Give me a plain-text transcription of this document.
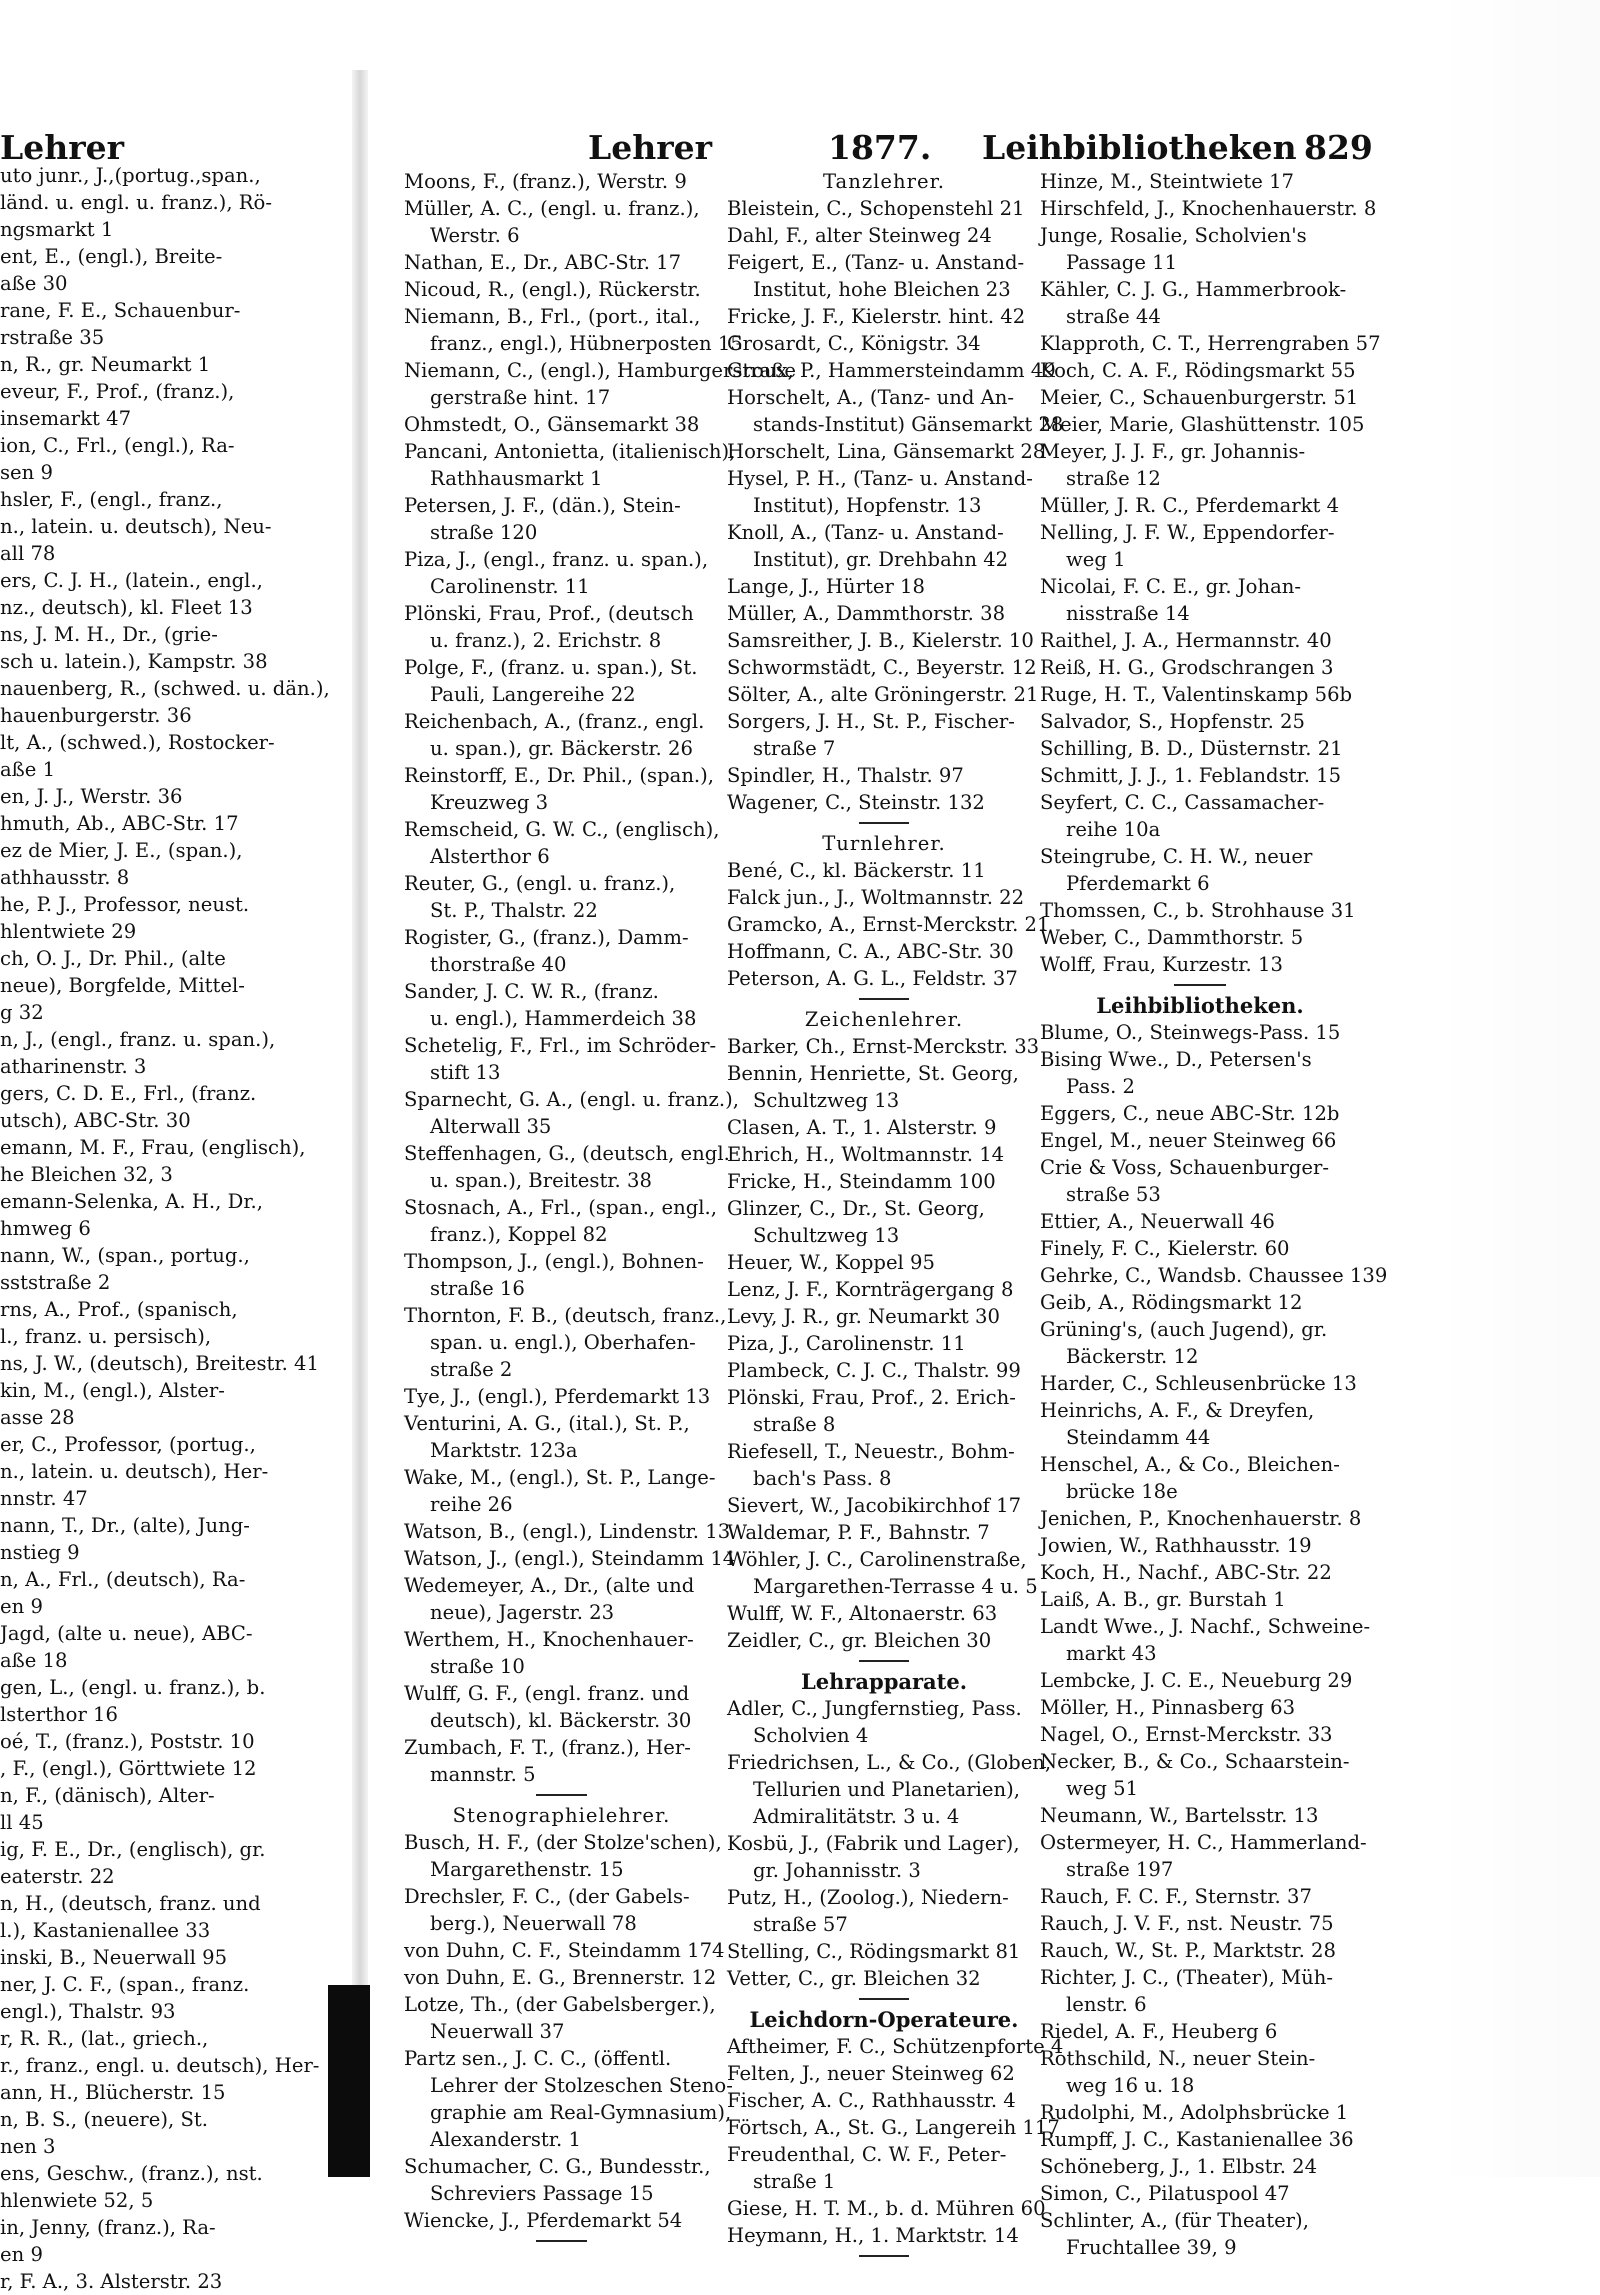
Lehrer	Lehrer	1877. Leihbibliotheken 829
uto junr., J.,(portug.,span.,
länd. u. engl. u. franz.), Rö-
ngsmarkt 1
ent, E., (engl.), Breite-
aße 30
rane, F. E., Schauenbur-
rstraße 35
n, R., gr. Neumarkt 1
eveur, F., Prof., (franz.),
insemarkt 47
ion, C., Frl., (engl.), Ra-
sen 9
hsler, F., (engl., franz.,
n., latein. u. deutsch), Neu-
all 78
ers, C. J. H., (latein., engl.,
nz., deutsch), kl. Fleet 13
ns, J. M. H., Dr., (grie-
sch u. latein.), Kampstr. 38
nauenberg, R., (schwed. u. dän.),
hauenburgerstr. 36
lt, A., (schwed.), Rostocker-
aße 1
en, J. J., Werstr. 36
hmuth, Ab., ABC-Str. 17
ez de Mier, J. E., (span.),
athhausstr. 8
he, P. J., Professor, neust.
hlentwiete 29
ch, O. J., Dr. Phil., (alte
neue), Borgfelde, Mittel-
g 32
n, J., (engl., franz. u. span.),
atharinenstr. 3
gers, C. D. E., Frl., (franz.
utsch), ABC-Str. 30
emann, M. F., Frau, (englisch),
he Bleichen 32, 3
emann-Selenka, A. H., Dr.,
hmweg 6
nann, W., (span., portug.,
sststraße 2
rns, A., Prof., (spanisch,
l., franz. u. persisch),
ns, J. W., (deutsch), Breitestr. 41
kin, M., (engl.), Alster-
asse 28
er, C., Professor, (portug.,
n., latein. u. deutsch), Her-
nnstr. 47
nann, T., Dr., (alte), Jung-
nstieg 9
n, A., Frl., (deutsch), Ra-
en 9
Jagd, (alte u. neue), ABC-
aße 18
gen, L., (engl. u. franz.), b.
lsterthor 16
oé, T., (franz.), Poststr. 10
, F., (engl.), Görttwiete 12
n, F., (dänisch), Alter-
ll 45
ig, F. E., Dr., (englisch), gr.
eaterstr. 22
n, H., (deutsch, franz. und
l.), Kastanienallee 33
inski, B., Neuerwall 95
ner, J. C. F., (span., franz.
engl.), Thalstr. 93
r, R. R., (lat., griech.,
r., franz., engl. u. deutsch), Her-
ann, H., Blücherstr. 15
n, B. S., (neuere), St.
nen 3
ens, Geschw., (franz.), nst.
hlenwiete 52, 5
in, Jenny, (franz.), Ra-
en 9
r, F. A., 3. Alsterstr. 23
Moons, F., (franz.), Werstr. 9
Müller, A. C., (engl. u. franz.),
Werstr. 6
Nathan, E., Dr., ABC-Str. 17
Nicoud, R., (engl.), Rückerstr.
Niemann, B., Frl., (port., ital.,
franz., engl.), Hübnerposten 15
Niemann, C., (engl.), Hamburgerstraße
gerstraße hint. 17
Ohmstedt, O., Gänsemarkt 38
Pancani, Antonietta, (italienisch),
Rathhausmarkt 1
Petersen, J. F., (dän.), Stein-
straße 120
Piza, J., (engl., franz. u. span.),
Carolinenstr. 11
Plönski, Frau, Prof., (deutsch
u. franz.), 2. Erichstr. 8
Polge, F., (franz. u. span.), St.
Pauli, Langereihe 22
Reichenbach, A., (franz., engl.
u. span.), gr. Bäckerstr. 26
Reinstorff, E., Dr. Phil., (span.),
Kreuzweg 3
Remscheid, G. W. C., (englisch),
Alsterthor 6
Reuter, G., (engl. u. franz.),
St. P., Thalstr. 22
Rogister, G., (franz.), Damm-
thorstraße 40
Sander, J. C. W. R., (franz.
u. engl.), Hammerdeich 38
Schetelig, F., Frl., im Schröder-
stift 13
Sparnecht, G. A., (engl. u. franz.),
Alterwall 35
Steffenhagen, G., (deutsch, engl.
u. span.), Breitestr. 38
Stosnach, A., Frl., (span., engl.,
franz.), Koppel 82
Thompson, J., (engl.), Bohnen-
straße 16
Thornton, F. B., (deutsch, franz.,
span. u. engl.), Oberhafen-
straße 2
Tye, J., (engl.), Pferdemarkt 13
Venturini, A. G., (ital.), St. P.,
Marktstr. 123a
Wake, M., (engl.), St. P., Lange-
reihe 26
Watson, B., (engl.), Lindenstr. 13
Watson, J., (engl.), Steindamm 14
Wedemeyer, A., Dr., (alte und
neue), Jagerstr. 23
Werthem, H., Knochenhauer-
straße 10
Wulff, G. F., (engl. franz. und
deutsch), kl. Bäckerstr. 30
Zumbach, F. T., (franz.), Her-
mannstr. 5
Stenographielehrer.
Busch, H. F., (der Stolze'schen),
Margarethenstr. 15
Drechsler, F. C., (der Gabels-
berg.), Neuerwall 78
von Duhn, C. F., Steindamm 174
von Duhn, E. G., Brennerstr. 12
Lotze, Th., (der Gabelsberger.),
Neuerwall 37
Partz sen., J. C. C., (öffentl.
Lehrer der Stolzeschen Steno-
graphie am Real-Gymnasium),
Alexanderstr. 1
Schumacher, C. G., Bundesstr.,
Schreviers Passage 15
Wiencke, J., Pferdemarkt 54
Tanzlehrer.
Bleistein, C., Schopenstehl 21
Dahl, F., alter Steinweg 24
Feigert, E., (Tanz- u. Anstand-
Institut, hohe Bleichen 23
Fricke, J. F., Kielerstr. hint. 42
Grosardt, C., Königstr. 34
Groux, P., Hammersteindamm 49
Horschelt, A., (Tanz- und An-
stands-Institut) Gänsemarkt 28
Horschelt, Lina, Gänsemarkt 28
Hysel, P. H., (Tanz- u. Anstand-
Institut), Hopfenstr. 13
Knoll, A., (Tanz- u. Anstand-
Institut), gr. Drehbahn 42
Lange, J., Hürter 18
Müller, A., Dammthorstr. 38
Samsreither, J. B., Kielerstr. 10
Schwormstädt, C., Beyerstr. 12
Sölter, A., alte Gröningerstr. 21
Sorgers, J. H., St. P., Fischer-
straße 7
Spindler, H., Thalstr. 97
Wagener, C., Steinstr. 132
Turnlehrer.
Bené, C., kl. Bäckerstr. 11
Falck jun., J., Woltmannstr. 22
Gramcko, A., Ernst-Merckstr. 21
Hoffmann, C. A., ABC-Str. 30
Peterson, A. G. L., Feldstr. 37
Zeichenlehrer.
Barker, Ch., Ernst-Merckstr. 33
Bennin, Henriette, St. Georg,
Schultzweg 13
Clasen, A. T., 1. Alsterstr. 9
Ehrich, H., Woltmannstr. 14
Fricke, H., Steindamm 100
Glinzer, C., Dr., St. Georg,
Schultzweg 13
Heuer, W., Koppel 95
Lenz, J. F., Kornträgergang 8
Levy, J. R., gr. Neumarkt 30
Piza, J., Carolinenstr. 11
Plambeck, C. J. C., Thalstr. 99
Plönski, Frau, Prof., 2. Erich-
straße 8
Riefesell, T., Neuestr., Bohm-
bach's Pass. 8
Sievert, W., Jacobikirchhof 17
Waldemar, P. F., Bahnstr. 7
Wöhler, J. C., Carolinenstraße,
Margarethen-Terrasse 4 u. 5
Wulff, W. F., Altonaerstr. 63
Zeidler, C., gr. Bleichen 30
Lehrapparate.
Adler, C., Jungfernstieg, Pass.
Scholvien 4
Friedrichsen, L., & Co., (Globen,
Tellurien und Planetarien),
Admiralitätstr. 3 u. 4
Kosbü, J., (Fabrik und Lager),
gr. Johannisstr. 3
Putz, H., (Zoolog.), Niedern-
straße 57
Stelling, C., Rödingsmarkt 81
Vetter, C., gr. Bleichen 32
Leichdorn-Operateure.
Aftheimer, F. C., Schützenpforte 4
Felten, J., neuer Steinweg 62
Fischer, A. C., Rathhausstr. 4
Förtsch, A., St. G., Langereih 117
Freudenthal, C. W. F., Peter-
straße 1
Giese, H. T. M., b. d. Mühren 60
Heymann, H., 1. Marktstr. 14
Hinze, M., Steintwiete 17
Hirschfeld, J., Knochenhauerstr. 8
Junge, Rosalie, Scholvien's
Passage 11
Kähler, C. J. G., Hammerbrook-
straße 44
Klapproth, C. T., Herrengraben 57
Koch, C. A. F., Rödingsmarkt 55
Meier, C., Schauenburgerstr. 51
Meier, Marie, Glashüttenstr. 105
Meyer, J. J. F., gr. Johannis-
straße 12
Müller, J. R. C., Pferdemarkt 4
Nelling, J. F. W., Eppendorfer-
weg 1
Nicolai, F. C. E., gr. Johan-
nisstraße 14
Raithel, J. A., Hermannstr. 40
Reiß, H. G., Grodschrangen 3
Ruge, H. T., Valentinskamp 56b
Salvador, S., Hopfenstr. 25
Schilling, B. D., Düsternstr. 21
Schmitt, J. J., 1. Feblandstr. 15
Seyfert, C. C., Cassamacher-
reihe 10a
Steingrube, C. H. W., neuer
Pferdemarkt 6
Thomssen, C., b. Strohhause 31
Weber, C., Dammthorstr. 5
Wolff, Frau, Kurzestr. 13
Leihbibliotheken.
Blume, O., Steinwegs-Pass. 15
Bising Wwe., D., Petersen's
Pass. 2
Eggers, C., neue ABC-Str. 12b
Engel, M., neuer Steinweg 66
Crie & Voss, Schauenburger-
straße 53
Ettier, A., Neuerwall 46
Finely, F. C., Kielerstr. 60
Gehrke, C., Wandsb. Chaussee 139
Geib, A., Rödingsmarkt 12
Grüning's, (auch Jugend), gr.
Bäckerstr. 12
Harder, C., Schleusenbrücke 13
Heinrichs, A. F., & Dreyfen,
Steindamm 44
Henschel, A., & Co., Bleichen-
brücke 18e
Jenichen, P., Knochenhauerstr. 8
Jowien, W., Rathhausstr. 19
Koch, H., Nachf., ABC-Str. 22
Laiß, A. B., gr. Burstah 1
Landt Wwe., J. Nachf., Schweine-
markt 43
Lembcke, J. C. E., Neueburg 29
Möller, H., Pinnasberg 63
Nagel, O., Ernst-Merckstr. 33
Necker, B., & Co., Schaarstein-
weg 51
Neumann, W., Bartelsstr. 13
Ostermeyer, H. C., Hammerland-
straße 197
Rauch, F. C. F., Sternstr. 37
Rauch, J. V. F., nst. Neustr. 75
Rauch, W., St. P., Marktstr. 28
Richter, J. C., (Theater), Müh-
lenstr. 6
Riedel, A. F., Heuberg 6
Rothschild, N., neuer Stein-
weg 16 u. 18
Rudolphi, M., Adolphsbrücke 1
Rumpff, J. C., Kastanienallee 36
Schöneberg, J., 1. Elbstr. 24
Simon, C., Pilatuspool 47
Schlinter, A., (für Theater),
Fruchtallee 39, 9
